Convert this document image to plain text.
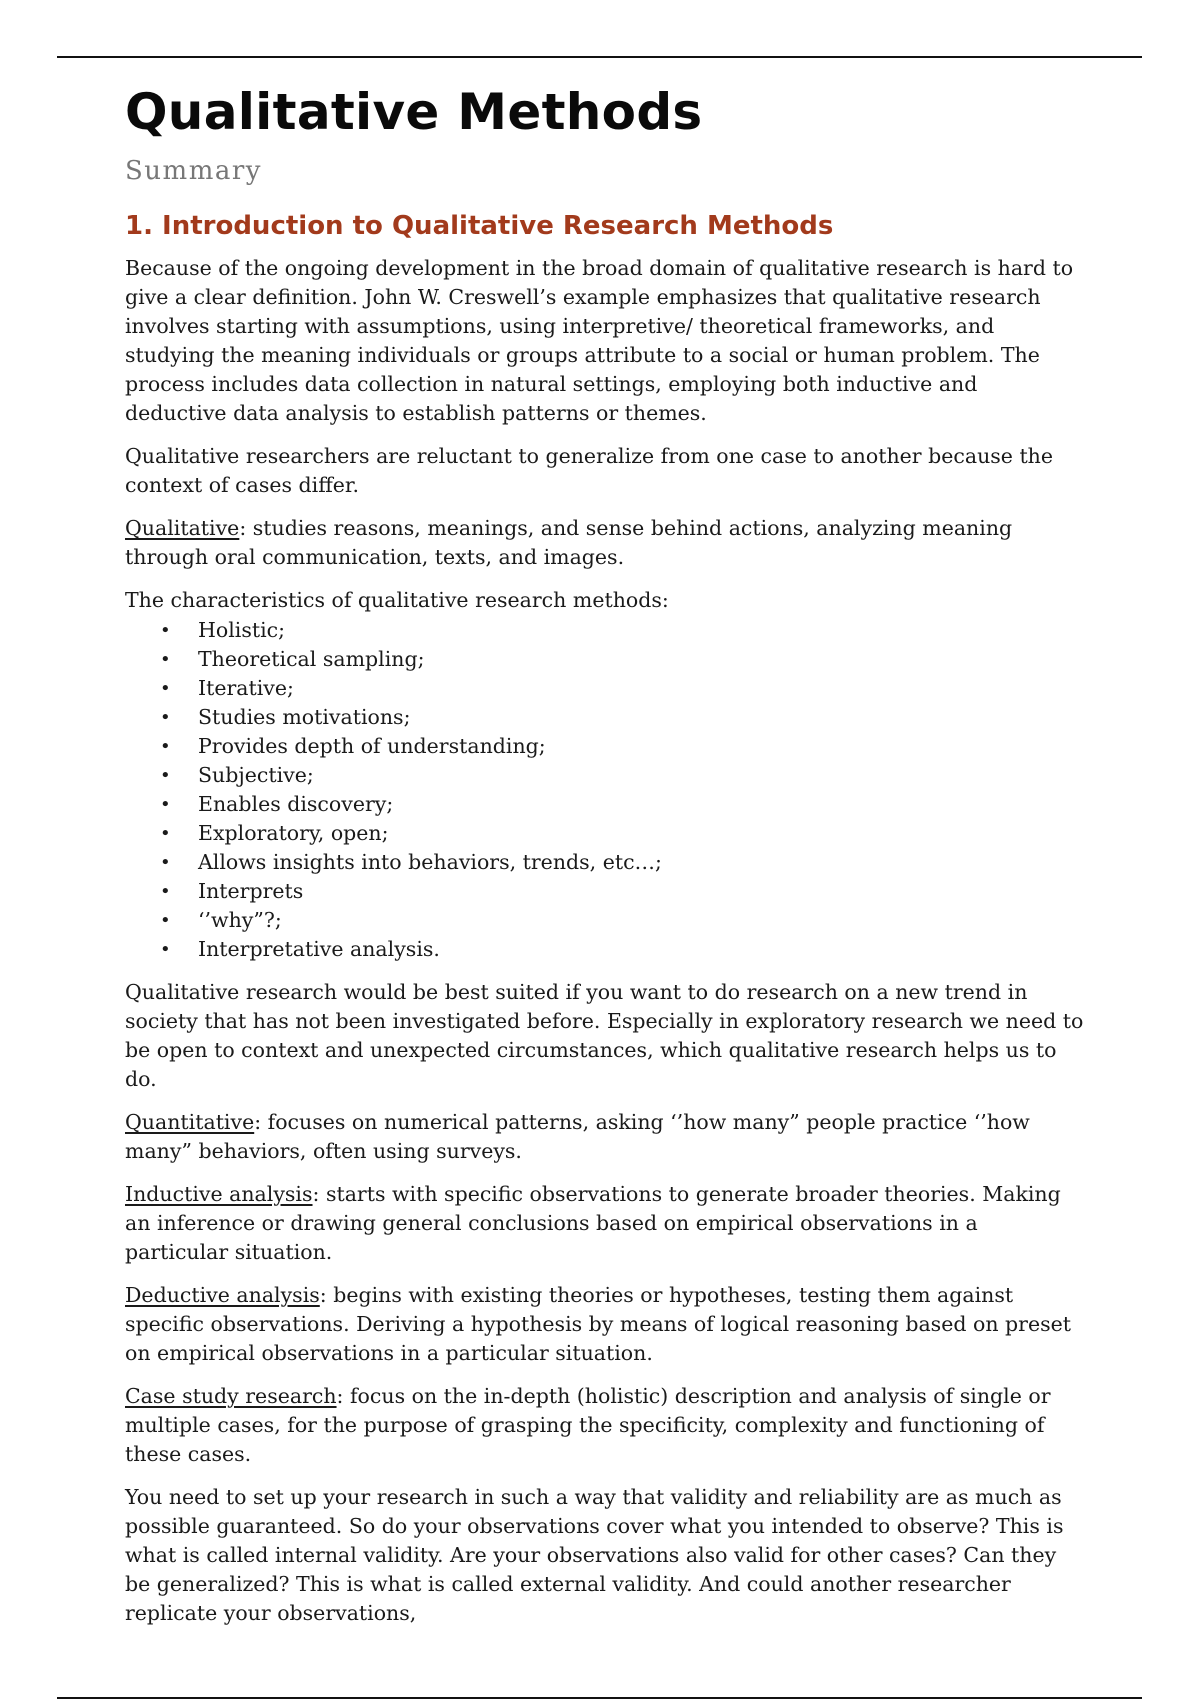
Qualitative Methods
Summary
1. Introduction to Qualitative Research Methods

Because of the ongoing development in the broad domain of qualitative research is hard to give a clear definition. John W. Creswell’s example emphasizes that qualitative research involves starting with assumptions, using interpretive/ theoretical frameworks, and studying the meaning individuals or groups attribute to a social or human problem. The process includes data collection in natural settings, employing both inductive and deductive data analysis to establish patterns or themes.

Qualitative researchers are reluctant to generalize from one case to another because the context of cases differ.

Qualitative: studies reasons, meanings, and sense behind actions, analyzing meaning through oral communication, texts, and images.

The characteristics of qualitative research methods:

• Holistic;
• Theoretical sampling;
• Iterative;
• Studies motivations;
• Provides depth of understanding;
• Subjective;
• Enables discovery;
• Exploratory, open;
• Allows insights into behaviors, trends, etc…;
• Interprets
• ‘’why”?;
• Interpretative analysis.

Qualitative research would be best suited if you want to do research on a new trend in society that has not been investigated before. Especially in exploratory research we need to be open to context and unexpected circumstances, which qualitative research helps us to do.

Quantitative: focuses on numerical patterns, asking ‘’how many” people practice ‘’how many” behaviors, often using surveys.

Inductive analysis: starts with specific observations to generate broader theories. Making an inference or drawing general conclusions based on empirical observations in a particular situation.

Deductive analysis: begins with existing theories or hypotheses, testing them against specific observations. Deriving a hypothesis by means of logical reasoning based on preset on empirical observations in a particular situation.

Case study research: focus on the in-depth (holistic) description and analysis of single or multiple cases, for the purpose of grasping the specificity, complexity and functioning of these cases.

You need to set up your research in such a way that validity and reliability are as much as possible guaranteed. So do your observations cover what you intended to observe? This is what is called internal validity. Are your observations also valid for other cases? Can they be generalized? This is what is called external validity. And could another researcher replicate your observations,
